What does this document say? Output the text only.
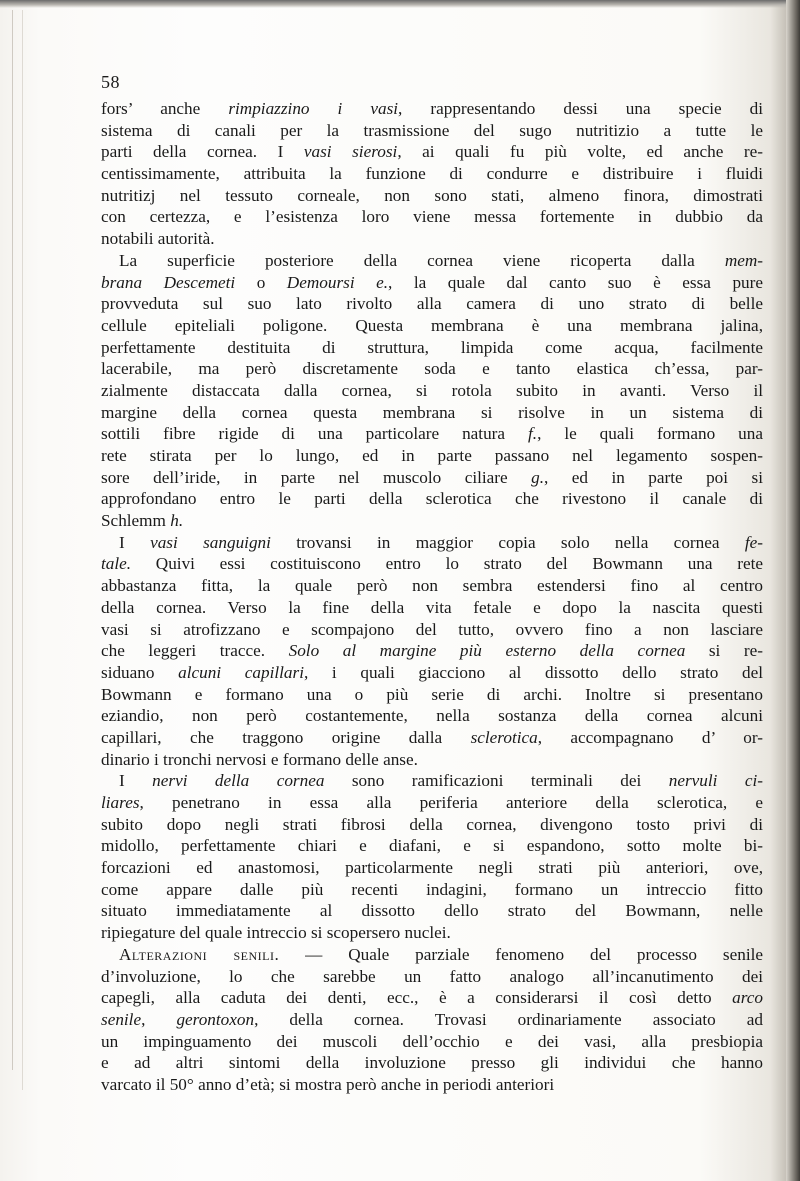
58
fors’ anche rimpiazzino i vasi, rappresentando dessi una specie di
sistema di canali per la trasmissione del sugo nutritizio a tutte le
parti della cornea. I vasi sierosi, ai quali fu più volte, ed anche re-
centissimamente, attribuita la funzione di condurre e distribuire i fluidi
nutritizj nel tessuto corneale, non sono stati, almeno finora, dimostrati
con certezza, e l’esistenza loro viene messa fortemente in dubbio da
notabili autorità.
La superficie posteriore della cornea viene ricoperta dalla mem-
brana Descemeti o Demoursi e., la quale dal canto suo è essa pure
provveduta sul suo lato rivolto alla camera di uno strato di belle
cellule epiteliali poligone. Questa membrana è una membrana jalina,
perfettamente destituita di struttura, limpida come acqua, facilmente
lacerabile, ma però discretamente soda e tanto elastica ch’essa, par-
zialmente distaccata dalla cornea, si rotola subito in avanti. Verso il
margine della cornea questa membrana si risolve in un sistema di
sottili fibre rigide di una particolare natura f., le quali formano una
rete stirata per lo lungo, ed in parte passano nel legamento sospen-
sore dell’iride, in parte nel muscolo ciliare g., ed in parte poi si
approfondano entro le parti della sclerotica che rivestono il canale di
Schlemm h.
I vasi sanguigni trovansi in maggior copia solo nella cornea fe-
tale. Quivi essi costituiscono entro lo strato del Bowmann una rete
abbastanza fitta, la quale però non sembra estendersi fino al centro
della cornea. Verso la fine della vita fetale e dopo la nascita questi
vasi si atrofizzano e scompajono del tutto, ovvero fino a non lasciare
che leggeri tracce. Solo al margine più esterno della cornea si re-
siduano alcuni capillari, i quali giacciono al dissotto dello strato del
Bowmann e formano una o più serie di archi. Inoltre si presentano
eziandio, non però costantemente, nella sostanza della cornea alcuni
capillari, che traggono origine dalla sclerotica, accompagnano d’ or-
dinario i tronchi nervosi e formano delle anse.
I nervi della cornea sono ramificazioni terminali dei nervuli ci-
liares, penetrano in essa alla periferia anteriore della sclerotica, e
subito dopo negli strati fibrosi della cornea, divengono tosto privi di
midollo, perfettamente chiari e diafani, e si espandono, sotto molte bi-
forcazioni ed anastomosi, particolarmente negli strati più anteriori, ove,
come appare dalle più recenti indagini, formano un intreccio fitto
situato immediatamente al dissotto dello strato del Bowmann, nelle
ripiegature del quale intreccio si scopersero nuclei.
Alterazioni senili. — Quale parziale fenomeno del processo senile
d’involuzione, lo che sarebbe un fatto analogo all’incanutimento dei
capegli, alla caduta dei denti, ecc., è a considerarsi il così detto arco
senile, gerontoxon, della cornea. Trovasi ordinariamente associato ad
un impinguamento dei muscoli dell’occhio e dei vasi, alla presbiopia
e ad altri sintomi della involuzione presso gli individui che hanno
varcato il 50° anno d’età; si mostra però anche in periodi anteriori
